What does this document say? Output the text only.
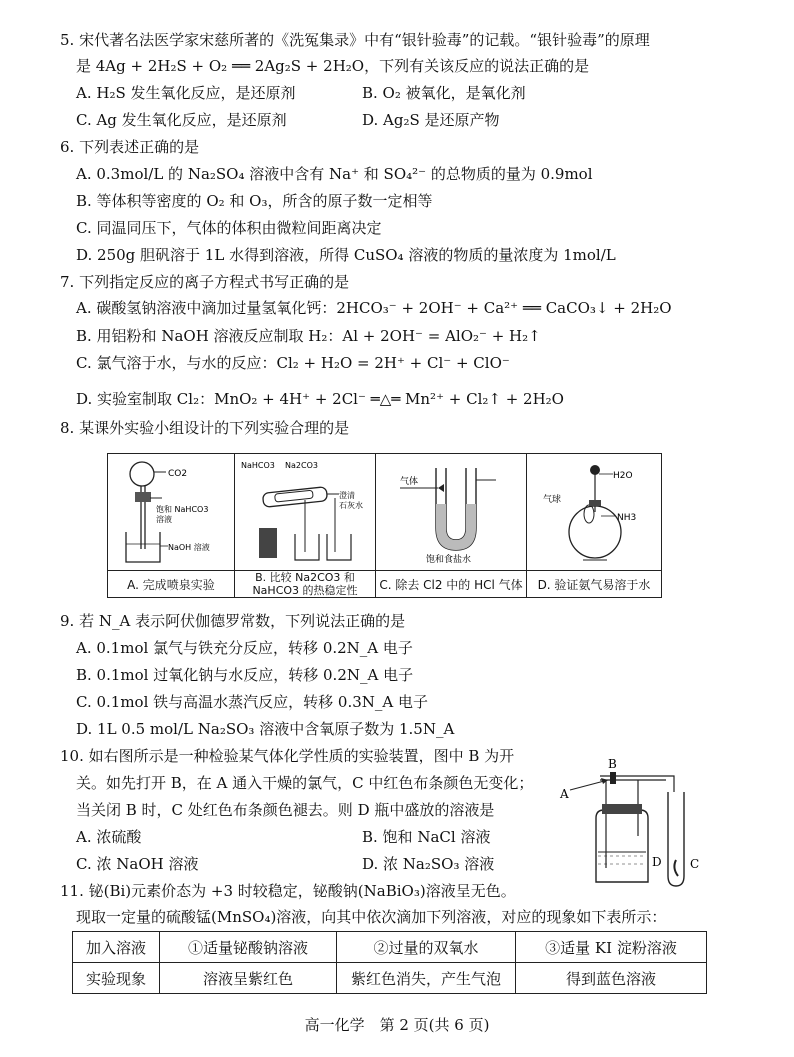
5. 宋代著名法医学家宋慈所著的《洗冤集录》中有“银针验毒”的记载。“银针验毒”的原理
是 4Ag + 2H₂S + O₂ ══ 2Ag₂S + 2H₂O，下列有关该反应的说法正确的是
A. H₂S 发生氧化反应，是还原剂	B. O₂ 被氧化，是氧化剂
C. Ag 发生氧化反应，是还原剂	D. Ag₂S 是还原产物
6. 下列表述正确的是
A. 0.3mol/L 的 Na₂SO₄ 溶液中含有 Na⁺ 和 SO₄²⁻ 的总物质的量为 0.9mol
B. 等体积等密度的 O₂ 和 O₃，所含的原子数一定相等
C. 同温同压下，气体的体积由微粒间距离决定
D. 250g 胆矾溶于 1L 水得到溶液，所得 CuSO₄ 溶液的物质的量浓度为 1mol/L
7. 下列指定反应的离子方程式书写正确的是
A. 碳酸氢钠溶液中滴加过量氢氧化钙：2HCO₃⁻ + 2OH⁻ + Ca²⁺ ══ CaCO₃↓ + 2H₂O
B. 用铝粉和 NaOH 溶液反应制取 H₂：Al + 2OH⁻ = AlO₂⁻ + H₂↑
C. 氯气溶于水，与水的反应：Cl₂ + H₂O = 2H⁺ + Cl⁻ + ClO⁻
D. 实验室制取 Cl₂：MnO₂ + 4H⁺ + 2Cl⁻ ═△═ Mn²⁺ + Cl₂↑ + 2H₂O
8. 某课外实验小组设计的下列实验合理的是
CO2
饱和 NaHCO3
溶液
NaOH 溶液	NaHCO3 Na2CO3
澄清
石灰水	气体
饱和食盐水	H2O
气球
NH3

A. 完成喷泉实验	B. 比较 Na2CO3 和 NaHCO3 的热稳定性	C. 除去 Cl2 中的 HCl 气体	D. 验证氨气易溶于水
9. 若 N_A 表示阿伏伽德罗常数，下列说法正确的是
A. 0.1mol 氯气与铁充分反应，转移 0.2N_A 电子
B. 0.1mol 过氧化钠与水反应，转移 0.2N_A 电子
C. 0.1mol 铁与高温水蒸汽反应，转移 0.3N_A 电子
D. 1L 0.5 mol/L Na₂SO₃ 溶液中含氧原子数为 1.5N_A
10. 如右图所示是一种检验某气体化学性质的实验装置，图中 B 为开
关。如先打开 B，在 A 通入干燥的氯气，C 中红色布条颜色无变化；
当关闭 B 时，C 处红色布条颜色褪去。则 D 瓶中盛放的溶液是
A. 浓硫酸	B. 饱和 NaCl 溶液
C. 浓 NaOH 溶液	D. 浓 Na₂SO₃ 溶液
A
B
D C
11. 铋(Bi)元素价态为 +3 时较稳定，铋酸钠(NaBiO₃)溶液呈无色。
现取一定量的硫酸锰(MnSO₄)溶液，向其中依次滴加下列溶液，对应的现象如下表所示：
加入溶液	①适量铋酸钠溶液	②过量的双氧水	③适量 KI 淀粉溶液
实验现象	溶液呈紫红色	紫红色消失，产生气泡	得到蓝色溶液
高一化学　第 2 页(共 6 页)
